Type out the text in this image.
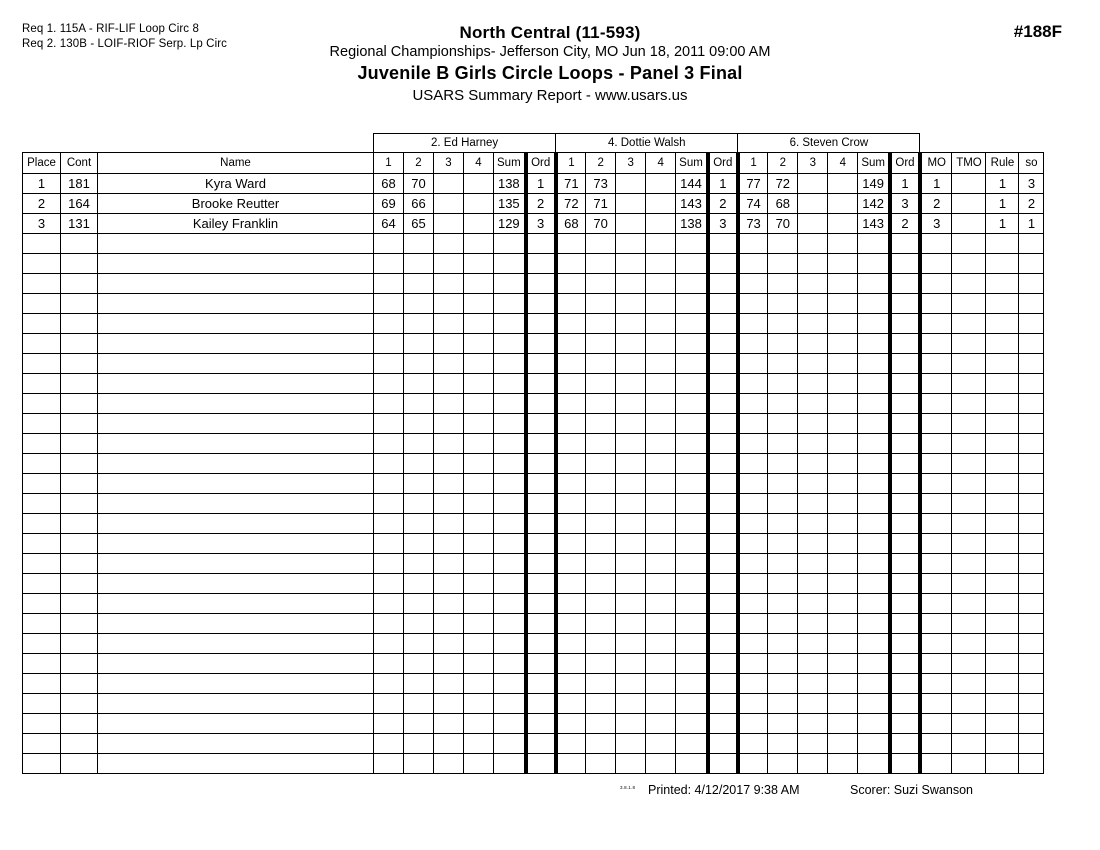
Req 1. 115A - RIF-LIF Loop Circ 8
Req 2. 130B - LOIF-RIOF Serp. Lp Circ
North Central (11-593)
Regional Championships- Jefferson City, MO Jun 18, 2011 09:00 AM
Juvenile B Girls Circle Loops - Panel 3 Final
USARS Summary Report - www.usars.us
#188F
			2. Ed Harney						4. Dottie Walsh						6. Steven Crow									
Place	Cont	Name	1	2	3	4	Sum	Ord	1	2	3	4	Sum	Ord	1	2	3	4	Sum	Ord	MO	TMO	Rule	so
1	181	Kyra Ward	68	70			138	1	71	73			144	1	77	72			149	1	1		1	3
2	164	Brooke Reutter	69	66			135	2	72	71			143	2	74	68			142	3	2		1	2
3	131	Kailey Franklin	64	65			129	3	68	70			138	3	73	70			143	2	3		1	1

3.8.1.8 Printed: 4/12/2017 9:38 AM	Scorer: Suzi Swanson
